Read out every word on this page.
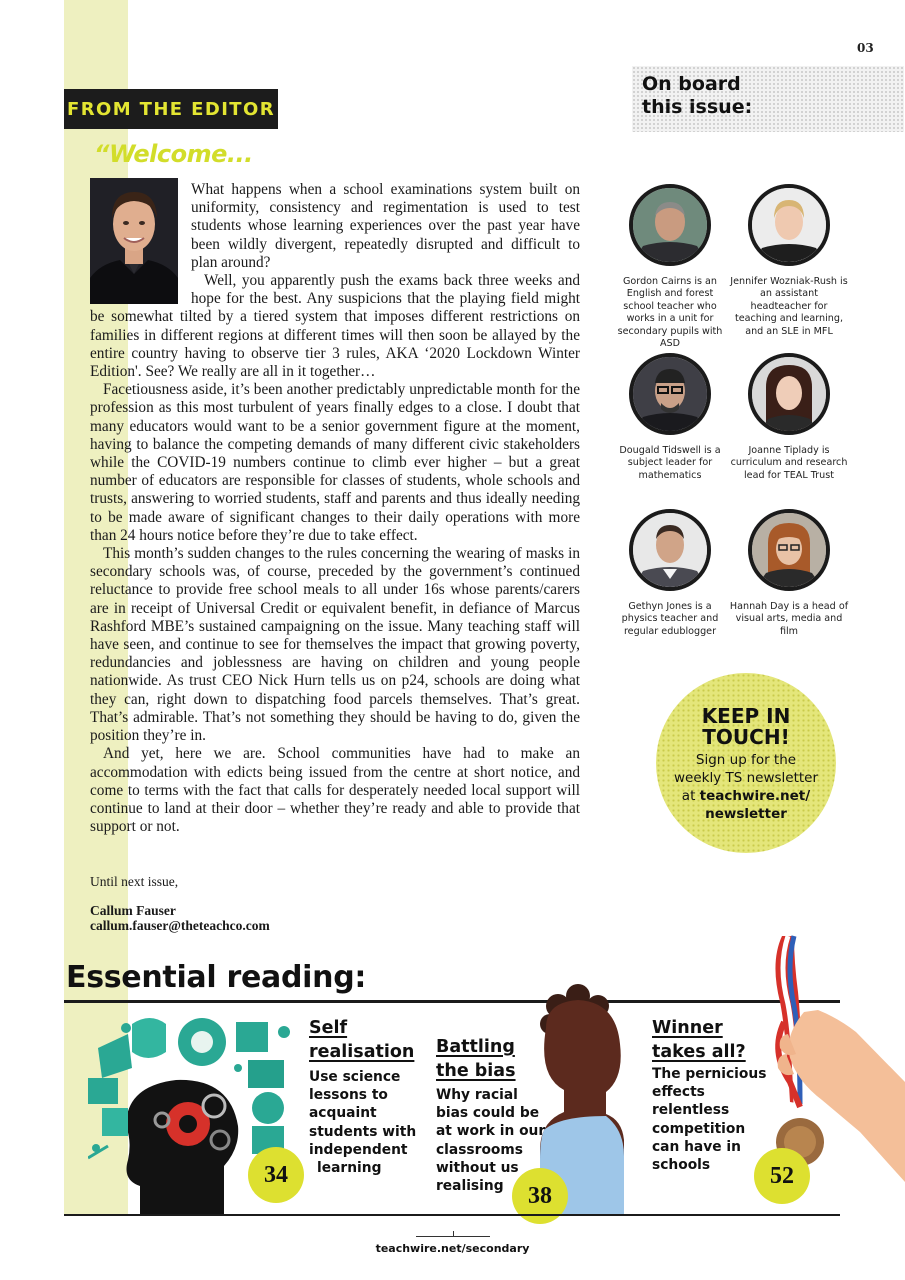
03
FROM THE EDITOR
“Welcome...

What happens when a school examinations system built on uniformity, consistency and regimentation is used to test students whose learning experiences over the past year have been wildly divergent, repeatedly disrupted and difficult to plan around?

Well, you apparently push the exams back three weeks and hope for the best. Any suspicions that the playing field might be somewhat tilted by a tiered system that imposes different restrictions on families in different regions at different times will then soon be allayed by the entire country having to observe tier 3 rules, AKA ‘2020 Lockdown Winter Edition'. See? We really are all in it together…

Facetiousness aside, it’s been another predictably unpredictable month for the profession as this most turbulent of years finally edges to a close. I doubt that many educators would want to be a senior government figure at the moment, having to balance the competing demands of many different civic stakeholders while the COVID-19 numbers continue to climb ever higher – but a great number of educators are responsible for classes of students, whole schools and trusts, answering to worried students, staff and parents and thus ideally needing to be made aware of significant changes to their daily operations with more than 24 hours notice before they’re due to take effect.

This month’s sudden changes to the rules concerning the wearing of masks in secondary schools was, of course, preceded by the government’s continued reluctance to provide free school meals to all under 16s whose parents/carers are in receipt of Universal Credit or equivalent benefit, in defiance of Marcus Rashford MBE’s sustained campaigning on the issue. Many teaching staff will have seen, and continue to see for themselves the impact that growing poverty, redundancies and joblessness are having on children and young people nationwide. As trust CEO Nick Hurn tells us on p24, schools are doing what they can, right down to dispatching food parcels themselves. That’s great. That’s admirable. That’s not something they should be having to do, given the position they’re in.

And yet, here we are. School communities have had to make an accommodation with edicts being issued from the centre at short notice, and come to terms with the fact that calls for desperately needed local support will continue to land at their door – whether they’re ready and able to provide that support or not.

Until next issue,
Callum Fauser
callum.fauser@theteachco.com
On board
this issue:
Gordon Cairns is an English and forest school teacher who works in a unit for secondary pupils with ASD
Jennifer Wozniak-Rush is an assistant headteacher for teaching and learning, and an SLE in MFL
Dougald Tidswell is a subject leader for mathematics
Joanne Tiplady is curriculum and research lead for TEAL Trust
Gethyn Jones is a physics teacher and regular edublogger
Hannah Day is a head of visual arts, media and film
KEEP IN
TOUCH!
Sign up for the
weekly TS newsletter
at teachwire.net/
newsletter
Essential reading:
Self
realisation
Use science
lessons to
acquaint
students with
independent
learning
34
Battling
the bias
Why racial
bias could be
at work in our
classrooms
without us
realising	38
Winner
takes all?
The pernicious
effects
relentless
competition
can have in
schools	52
teachwire.net/secondary
